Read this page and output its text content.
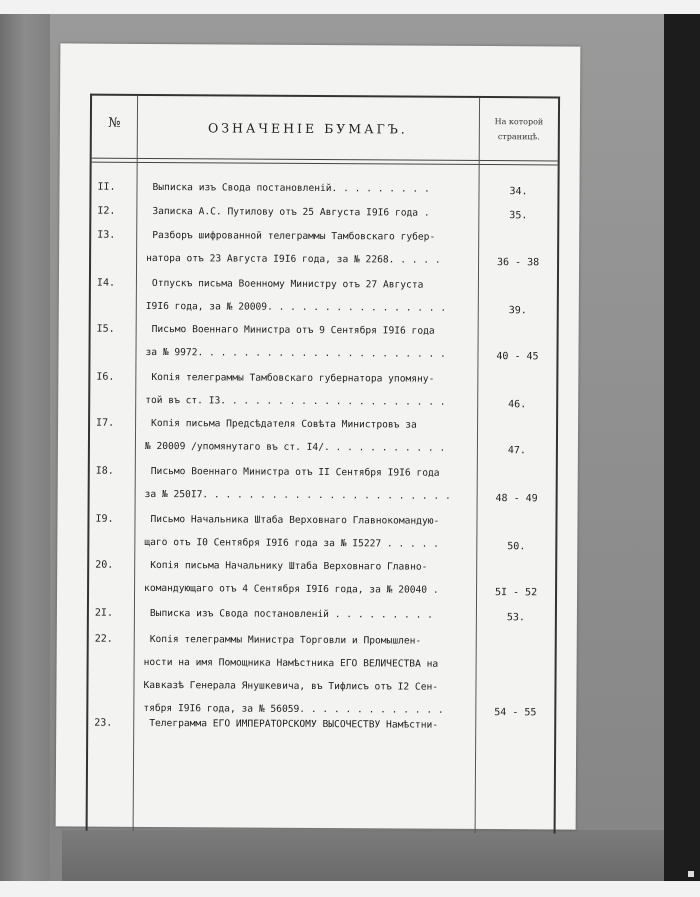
№	ОЗНАЧЕНІЕ БУМАГЪ.	На которой страницѣ.
II.	Выписка изъ Свода постановленій. . . . . . . . .	34.
I2.	Записка А.С. Путилову отъ 25 Августа I9I6 года .	35.
I3.	Разборъ шифрованной телеграммы Тамбовскаго губер-
натора отъ 23 Августа I9I6 года, за № 2268. . . . .	36 - 38
I4.	Отпускъ письма Военному Министру отъ 27 Августа
I9I6 года, за № 20009. . . . . . . . . . . . . . . .	39.
I5.	Письмо Военнаго Министра отъ 9 Сентября I9I6 года
за № 9972. . . . . . . . . . . . . . . . . . . . . .	40 - 45
I6.	Копія телеграммы Тамбовскаго губернатора упомяну-
той въ ст. I3. . . . . . . . . . . . . . . . . . . .	46.
I7.	Копія письма Предсѣдателя Совѣта Министровъ за
№ 20009 /упомянутаго въ ст. I4/. . . . . . . . . . .	47.
I8.	Письмо Военнаго Министра отъ II Сентября I9I6 года
за № 250I7. . . . . . . . . . . . . . . . . . . . . .	48 - 49
I9.	Письмо Начальника Штаба Верховнаго Главнокомандую-
щаго отъ I0 Сентября I9I6 года за № I5227 . . . . .	50.
20.	Копія письма Начальнику Штаба Верховнаго Главно-
командующаго отъ 4 Сентября I9I6 года, за № 20040 .	5I - 52
2I.	Выписка изъ Свода постановленій . . . . . . . . .	53.
22.	Копія телеграммы Министра Торговли и Промышлен-
ности на имя Помощника Намѣстника ЕГО ВЕЛИЧЕСТВА на
Кавказѣ Генерала Янушкевича, въ Тифлисъ отъ I2 Сен-
тября I9I6 года, за № 56059. . . . . . . . . . . . .	54 - 55
23.	Телеграмма ЕГО ИМПЕРАТОРСКОМУ ВЫСОЧЕСТВУ Намѣстни-
